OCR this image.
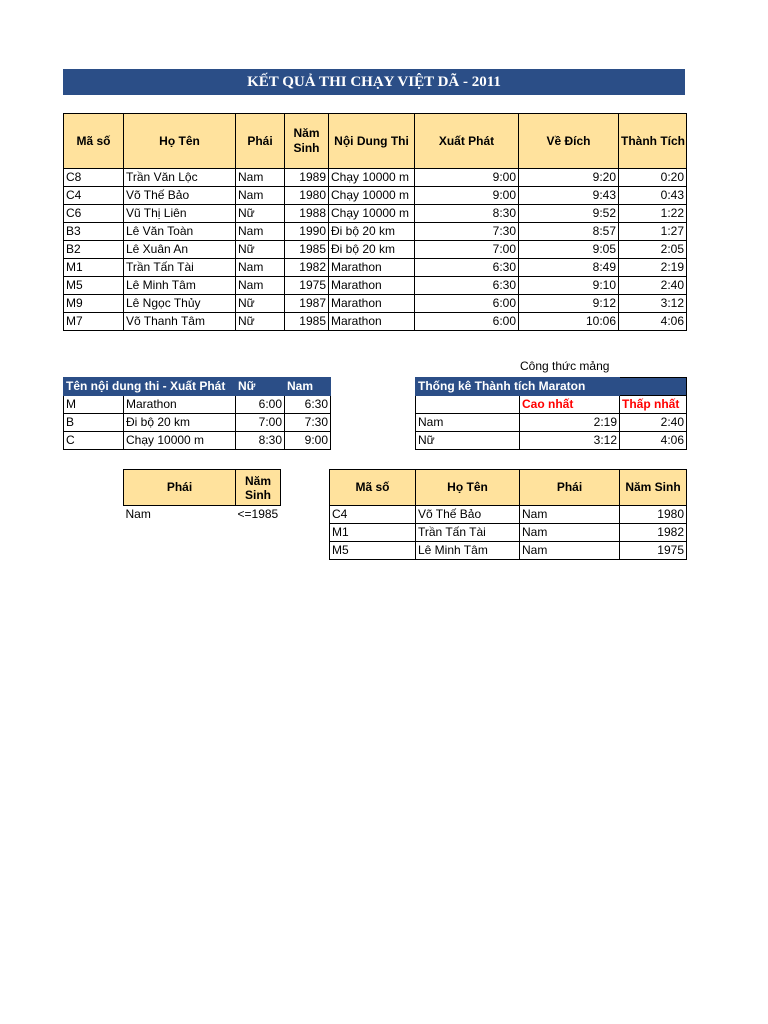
KẾT QUẢ THI CHẠY VIỆT DÃ - 2011
Mã số	Họ Tên	Phái	Năm Sinh	Nội Dung Thi	Xuất Phát	Về Đích	Thành Tích
C8	Trần Văn Lộc	Nam	1989	Chạy 10000 m	9:00	9:20	0:20
C4	Võ Thế Bảo	Nam	1980	Chạy 10000 m	9:00	9:43	0:43
C6	Vũ Thị Liên	Nữ	1988	Chạy 10000 m	8:30	9:52	1:22
B3	Lê Văn Toàn	Nam	1990	Đi bộ 20 km	7:30	8:57	1:27
B2	Lê Xuân An	Nữ	1985	Đi bộ 20 km	7:00	9:05	2:05
M1	Trần Tấn Tài	Nam	1982	Marathon	6:30	8:49	2:19
M5	Lê Minh Tâm	Nam	1975	Marathon	6:30	9:10	2:40
M9	Lê Ngọc Thủy	Nữ	1987	Marathon	6:00	9:12	3:12
M7	Võ Thanh Tâm	Nữ	1985	Marathon	6:00	10:06	4:06
Công thức mảng
Tên nội dung thi - Xuất Phát		Nữ	Nam
M	Marathon	6:00	6:30
B	Đi bộ 20 km	7:00	7:30
C	Chạy 10000 m	8:30	9:00
Thống kê Thành tích Maraton		
	Cao nhất	Thấp nhất
Nam	2:19	2:40
Nữ	3:12	4:06
Phái	Năm Sinh
Nam	<=1985
Mã số	Họ Tên	Phái	Năm Sinh
C4	Võ Thế Bảo	Nam	1980
M1	Trần Tấn Tài	Nam	1982
M5	Lê Minh Tâm	Nam	1975
